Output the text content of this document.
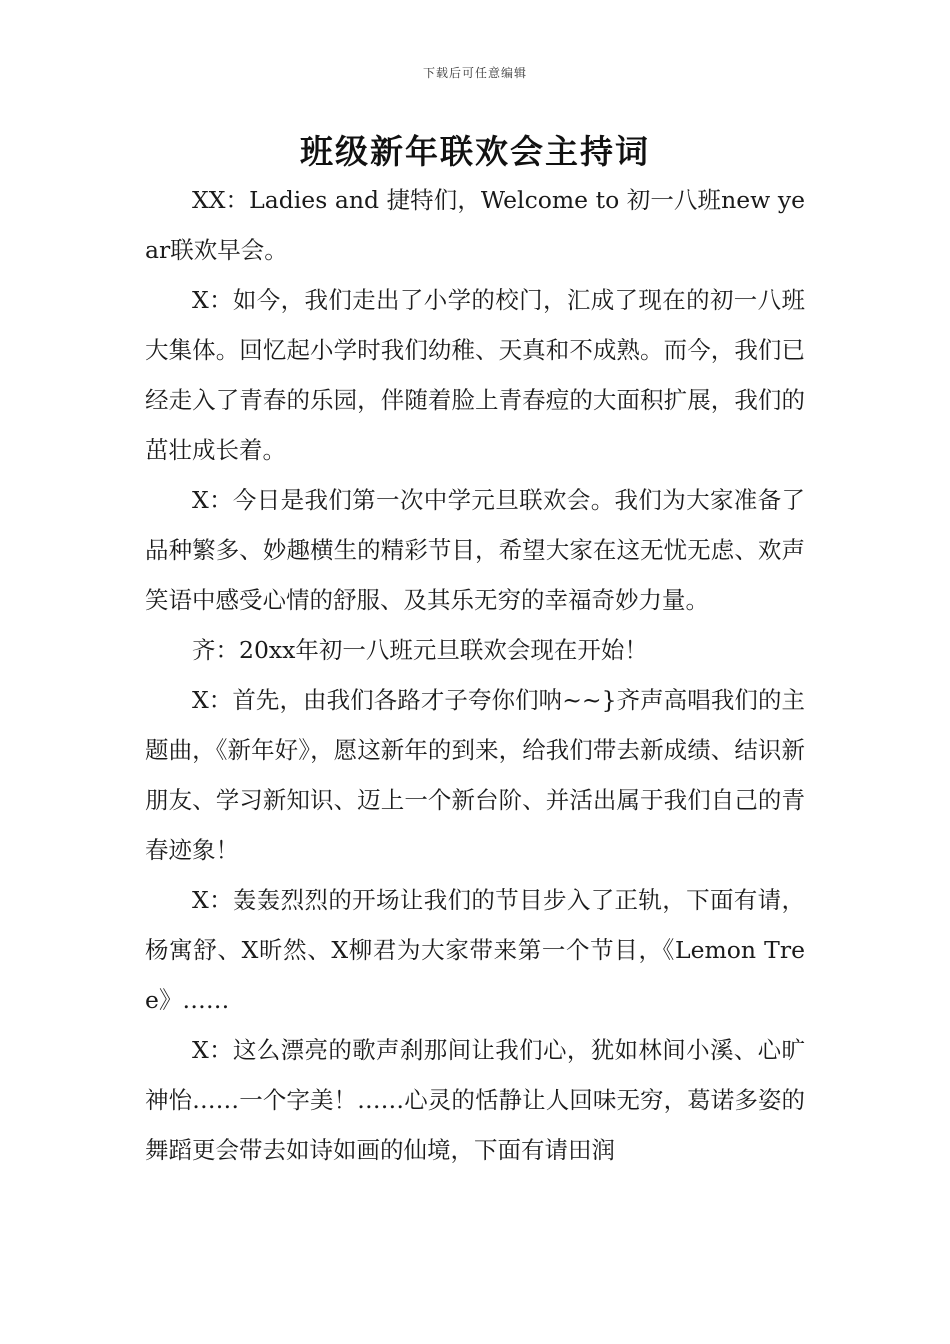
下载后可任意编辑
班级新年联欢会主持词

XX：Ladies and 捷特们，Welcome to 初一八班new year联欢早会。

X：如今，我们走出了小学的校门，汇成了现在的初一八班大集体。回忆起小学时我们幼稚、天真和不成熟。而今，我们已经走入了青春的乐园，伴随着脸上青春痘的大面积扩展，我们的茁壮成长着。

X：今日是我们第一次中学元旦联欢会。我们为大家准备了品种繁多、妙趣横生的精彩节目，希望大家在这无忧无虑、欢声笑语中感受心情的舒服、及其乐无穷的幸福奇妙力量。

齐：20xx年初一八班元旦联欢会现在开始！

X：首先，由我们各路才子夸你们呐~~}齐声高唱我们的主题曲，《新年好》，愿这新年的到来，给我们带去新成绩、结识新朋友、学习新知识、迈上一个新台阶、并活出属于我们自己的青春迹象！

X：轰轰烈烈的开场让我们的节目步入了正轨，下面有请，杨寓舒、X昕然、X柳君为大家带来第一个节目，《Lemon Tree》……

X：这么漂亮的歌声刹那间让我们心，犹如林间小溪、心旷神怡……一个字美！……心灵的恬静让人回味无穷，葛诺多姿的舞蹈更会带去如诗如画的仙境，下面有请田润
